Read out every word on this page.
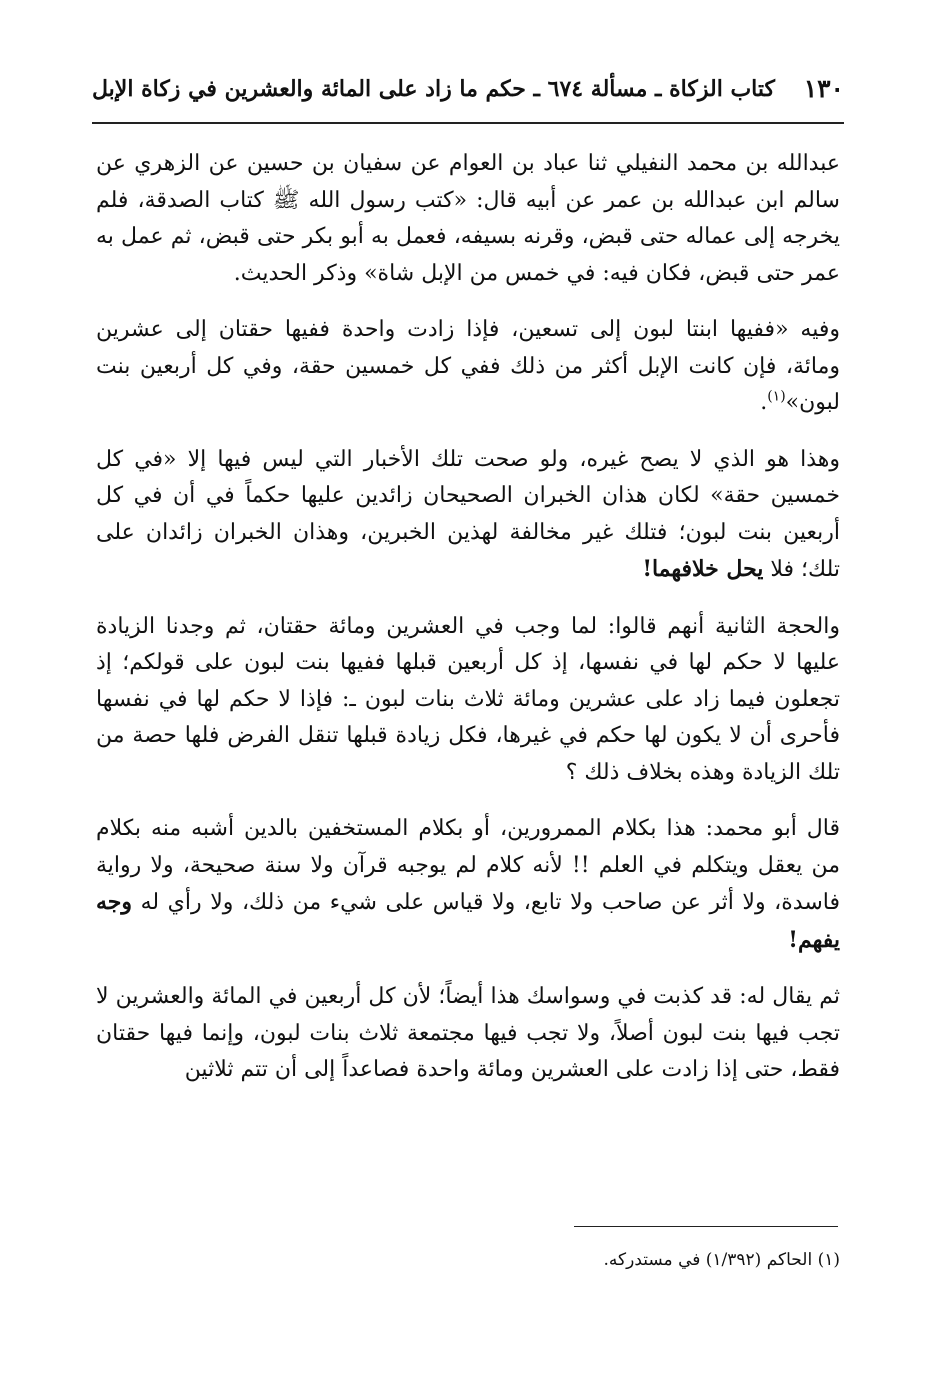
١٣٠
كتاب الزكاة ـ مسألة ٦٧٤ ـ حكم ما زاد على المائة والعشرين في زكاة الإبل

عبدالله بن محمد النفيلي ثنا عباد بن العوام عن سفيان بن حسين عن الزهري عن سالم ابن عبدالله بن عمر عن أبيه قال: «كتب رسول الله ﷺ كتاب الصدقة، فلم يخرجه إلى عماله حتى قبض، وقرنه بسيفه، فعمل به أبو بكر حتى قبض، ثم عمل به عمر حتى قبض، فكان فيه: في خمس من الإبل شاة» وذكر الحديث.

وفيه «ففيها ابنتا لبون إلى تسعين، فإذا زادت واحدة ففيها حقتان إلى عشرين ومائة، فإن كانت الإبل أكثر من ذلك ففي كل خمسين حقة، وفي كل أربعين بنت لبون»$^{(١)}$.

وهذا هو الذي لا يصح غيره، ولو صحت تلك الأخبار التي ليس فيها إلا «في كل خمسين حقة» لكان هذان الخبران الصحيحان زائدين عليها حكماً في أن في كل أربعين بنت لبون؛ فتلك غير مخالفة لهذين الخبرين، وهذان الخبران زائدان على تلك؛ فلا يحل خلافهما!

والحجة الثانية أنهم قالوا: لما وجب في العشرين ومائة حقتان، ثم وجدنا الزيادة عليها لا حكم لها في نفسها، إذ كل أربعين قبلها ففيها بنت لبون على قولكم؛ إذ تجعلون فيما زاد على عشرين ومائة ثلاث بنات لبون ـ: فإذا لا حكم لها في نفسها فأحرى أن لا يكون لها حكم في غيرها، فكل زيادة قبلها تنقل الفرض فلها حصة من تلك الزيادة وهذه بخلاف ذلك ؟

قال أبو محمد: هذا بكلام الممرورين، أو بكلام المستخفين بالدين أشبه منه بكلام من يعقل ويتكلم في العلم !! لأنه كلام لم يوجبه قرآن ولا سنة صحيحة، ولا رواية فاسدة، ولا أثر عن صاحب ولا تابع، ولا قياس على شيء من ذلك، ولا رأي له وجه يفهم!

ثم يقال له: قد كذبت في وسواسك هذا أيضاً؛ لأن كل أربعين في المائة والعشرين لا تجب فيها بنت لبون أصلاً، ولا تجب فيها مجتمعة ثلاث بنات لبون، وإنما فيها حقتان فقط، حتى إذا زادت على العشرين ومائة واحدة فصاعداً إلى أن تتم ثلاثين

(١) الحاكم (١/٣٩٢) في مستدركه.
